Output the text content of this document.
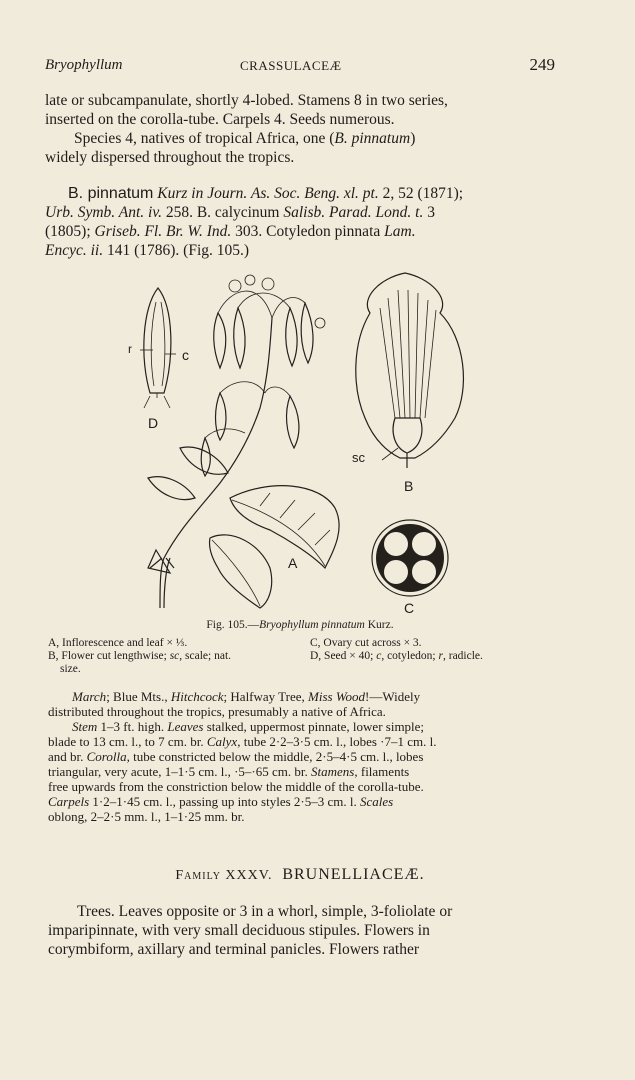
Bryophyllum	CRASSULACEÆ	249
late or subcampanulate, shortly 4-lobed. Stamens 8 in two series,
inserted on the corolla-tube. Carpels 4. Seeds numerous.
Species 4, natives of tropical Africa, one (B. pinnatum)
widely dispersed throughout the tropics.
B. pinnatum Kurz in Journ. As. Soc. Beng. xl. pt. 2, 52 (1871);
Urb. Symb. Ant. iv. 258. B. calycinum Salisb. Parad. Lond. t. 3
(1805); Griseb. Fl. Br. W. Ind. 303. Cotyledon pinnata Lam.
Encyc. ii. 141 (1786). (Fig. 105.)
r	c
D
sc
B
A
C
Fig. 105.—Bryophyllum pinnatum Kurz.
A, Inflorescence and leaf × ⅓.	C, Ovary cut across × 3.
B, Flower cut lengthwise; sc, scale; nat.	D, Seed × 40; c, cotyledon; r, radicle.
size.
March; Blue Mts., Hitchcock; Halfway Tree, Miss Wood!—Widely
distributed throughout the tropics, presumably a native of Africa.
Stem 1–3 ft. high. Leaves stalked, uppermost pinnate, lower simple;
blade to 13 cm. l., to 7 cm. br. Calyx, tube 2·2–3·5 cm. l., lobes ·7–1 cm. l.
and br. Corolla, tube constricted below the middle, 2·5–4·5 cm. l., lobes
triangular, very acute, 1–1·5 cm. l., ·5–·65 cm. br. Stamens, filaments
free upwards from the constriction below the middle of the corolla-tube.
Carpels 1·2–1·45 cm. l., passing up into styles 2·5–3 cm. l. Scales
oblong, 2–2·5 mm. l., 1–1·25 mm. br.
Family XXXV. BRUNELLIACEÆ.
Trees. Leaves opposite or 3 in a whorl, simple, 3-foliolate or
imparipinnate, with very small deciduous stipules. Flowers in
corymbiform, axillary and terminal panicles. Flowers rather
